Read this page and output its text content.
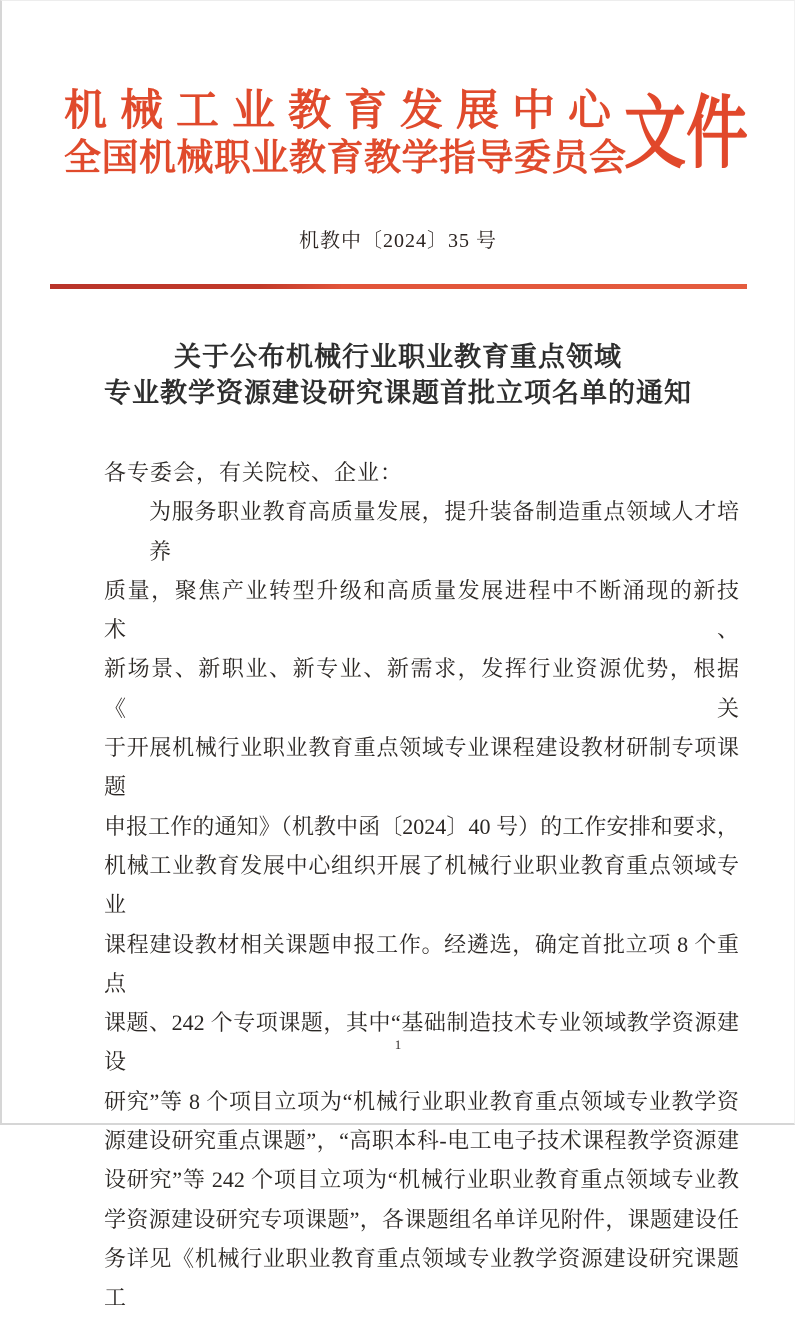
机械工业教育发展中心
全国机械职业教育教学指导委员会
文件
机教中〔2024〕35 号
关于公布机械行业职业教育重点领域
专业教学资源建设研究课题首批立项名单的通知
各专委会，有关院校、企业：
为服务职业教育高质量发展，提升装备制造重点领域人才培养
质量，聚焦产业转型升级和高质量发展进程中不断涌现的新技术、
新场景、新职业、新专业、新需求，发挥行业资源优势，根据《关
于开展机械行业职业教育重点领域专业课程建设教材研制专项课题
申报工作的通知》（机教中函〔2024〕40 号）的工作安排和要求，
机械工业教育发展中心组织开展了机械行业职业教育重点领域专业
课程建设教材相关课题申报工作。经遴选，确定首批立项 8 个重点
课题、242 个专项课题，其中“基础制造技术专业领域教学资源建设
研究”等 8 个项目立项为“机械行业职业教育重点领域专业教学资
源建设研究重点课题”，“高职本科-电工电子技术课程教学资源建
设研究”等 242 个项目立项为“机械行业职业教育重点领域专业教
学资源建设研究专项课题”，各课题组名单详见附件，课题建设任
务详见《机械行业职业教育重点领域专业教学资源建设研究课题工
1
